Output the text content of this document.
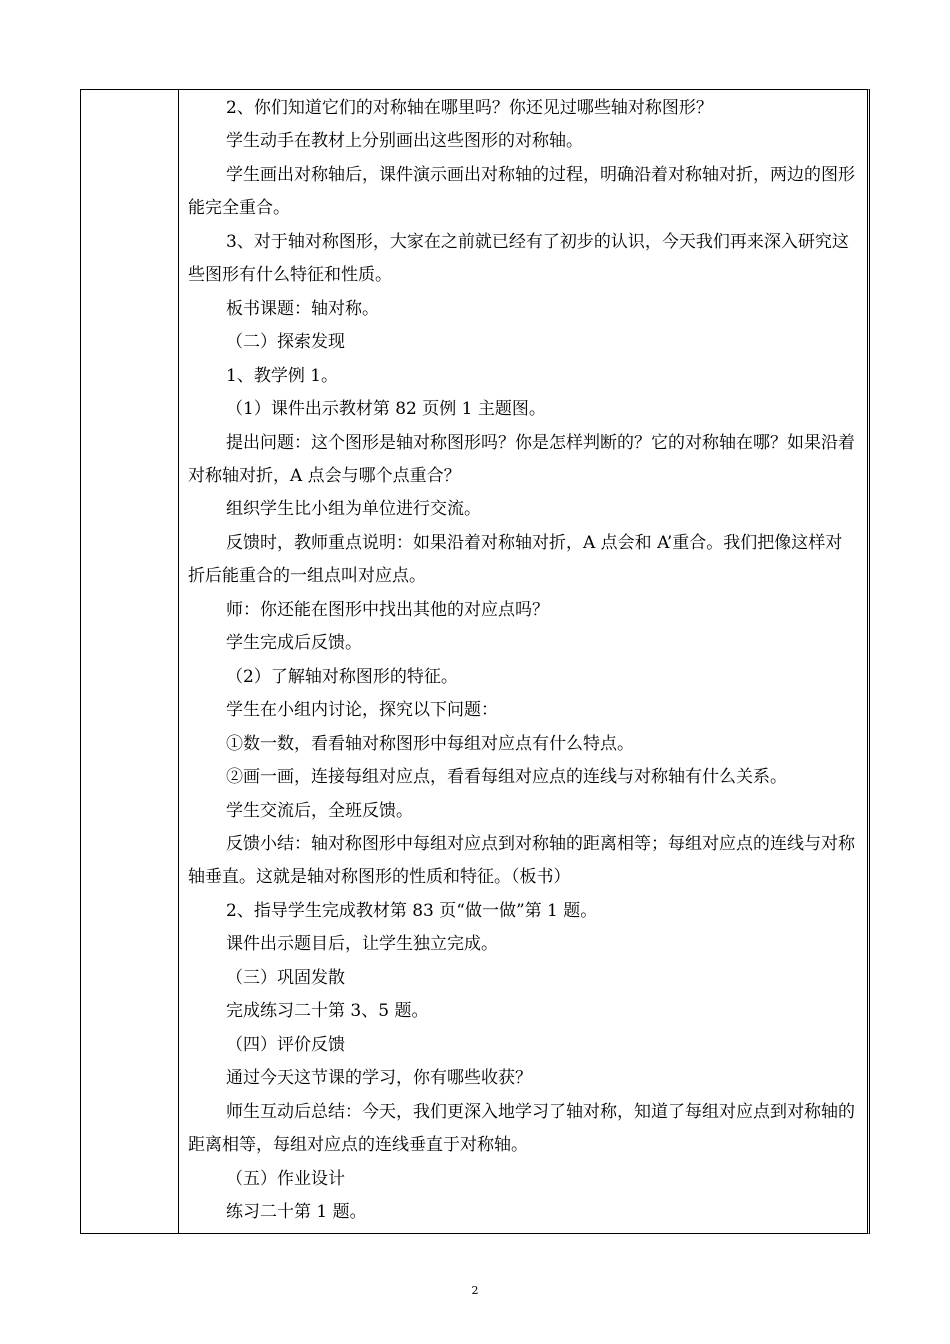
2、你们知道它们的对称轴在哪里吗？你还见过哪些轴对称图形？

学生动手在教材上分别画出这些图形的对称轴。

学生画出对称轴后，课件演示画出对称轴的过程，明确沿着对称轴对折，两边的图形能完全重合。

3、对于轴对称图形，大家在之前就已经有了初步的认识，今天我们再来深入研究这些图形有什么特征和性质。

板书课题：轴对称。

（二）探索发现

1、教学例 1。

（1）课件出示教材第 82 页例 1 主题图。

提出问题：这个图形是轴对称图形吗？你是怎样判断的？它的对称轴在哪？如果沿着对称轴对折，A 点会与哪个点重合？

组织学生比小组为单位进行交流。

反馈时，教师重点说明：如果沿着对称轴对折，A 点会和 A’重合。我们把像这样对折后能重合的一组点叫对应点。

师：你还能在图形中找出其他的对应点吗？

学生完成后反馈。

（2）了解轴对称图形的特征。

学生在小组内讨论，探究以下问题：

①数一数，看看轴对称图形中每组对应点有什么特点。

②画一画，连接每组对应点，看看每组对应点的连线与对称轴有什么关系。

学生交流后，全班反馈。

反馈小结：轴对称图形中每组对应点到对称轴的距离相等；每组对应点的连线与对称轴垂直。这就是轴对称图形的性质和特征。（板书）

2、指导学生完成教材第 83 页“做一做”第 1 题。

课件出示题目后，让学生独立完成。

（三）巩固发散

完成练习二十第 3、5 题。

（四）评价反馈

通过今天这节课的学习，你有哪些收获？

师生互动后总结：今天，我们更深入地学习了轴对称，知道了每组对应点到对称轴的距离相等，每组对应点的连线垂直于对称轴。

（五）作业设计

练习二十第 1 题。

2
